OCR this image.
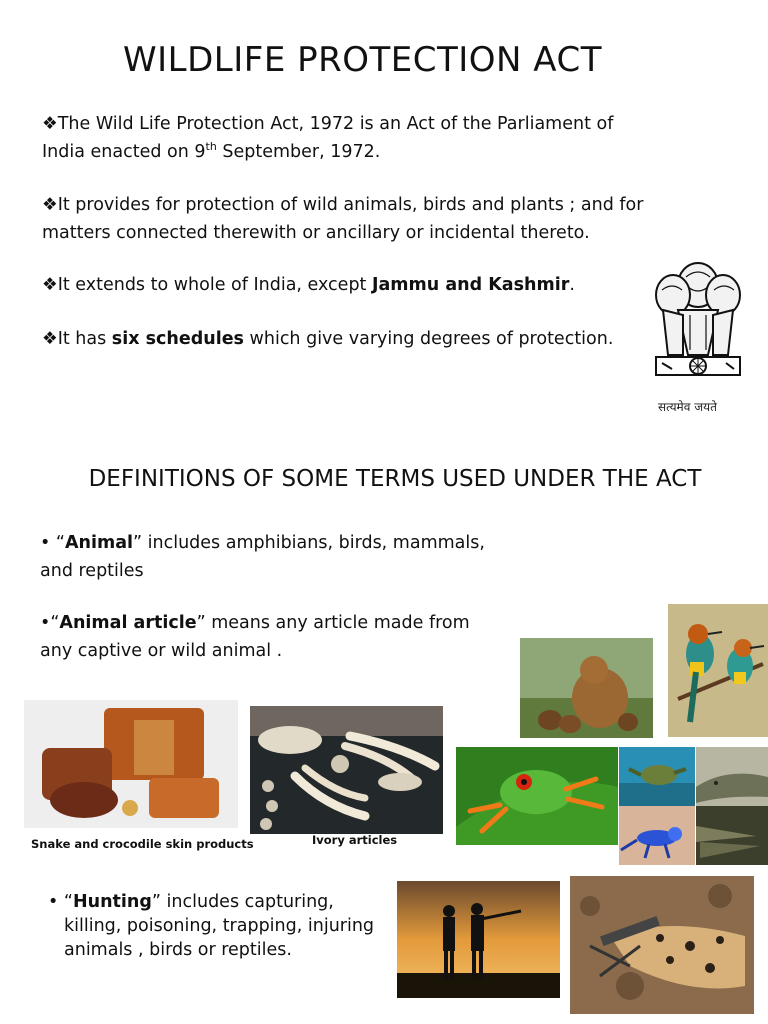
WILDLIFE PROTECTION ACT
❖The Wild Life Protection Act, 1972 is an Act of the Parliament of
India enacted on 9th September, 1972.
❖It provides for protection of wild animals, birds and plants ; and for
matters connected therewith or ancillary or incidental thereto.
❖It extends to whole of India, except Jammu and Kashmir.
❖It has six schedules which give varying degrees of protection.
सत्यमेव जयते
DEFINITIONS OF SOME TERMS USED UNDER THE ACT
• “Animal” includes amphibians, birds, mammals,
and reptiles
•“Animal article” means any article made from
any captive or wild animal .
• “Hunting” includes capturing,
killing, poisoning, trapping, injuring
animals , birds or reptiles.
Snake and crocodile skin products	Ivory articles
